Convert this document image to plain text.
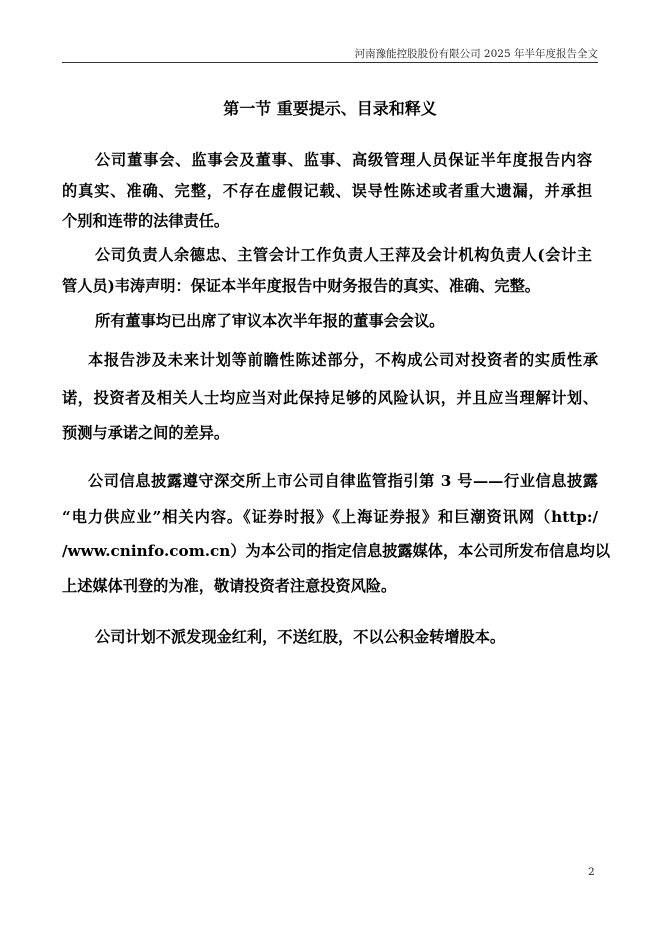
河南豫能控股股份有限公司 2025 年半年度报告全文
第一节 重要提示、目录和释义
公司董事会、监事会及董事、监事、高级管理人员保证半年度报告内容
的真实、准确、完整，不存在虚假记载、误导性陈述或者重大遗漏，并承担
个别和连带的法律责任。
公司负责人余德忠、主管会计工作负责人王萍及会计机构负责人(会计主
管人员)韦涛声明：保证本半年度报告中财务报告的真实、准确、完整。
所有董事均已出席了审议本次半年报的董事会会议。
本报告涉及未来计划等前瞻性陈述部分，不构成公司对投资者的实质性承
诺，投资者及相关人士均应当对此保持足够的风险认识，并且应当理解计划、
预测与承诺之间的差异。
公司信息披露遵守深交所上市公司自律监管指引第 3 号——行业信息披露
“电力供应业”相关内容。《证券时报》《上海证券报》和巨潮资讯网（http:/
/www.cninfo.com.cn）为本公司的指定信息披露媒体，本公司所发布信息均以
上述媒体刊登的为准，敬请投资者注意投资风险。
公司计划不派发现金红利，不送红股，不以公积金转增股本。
2
